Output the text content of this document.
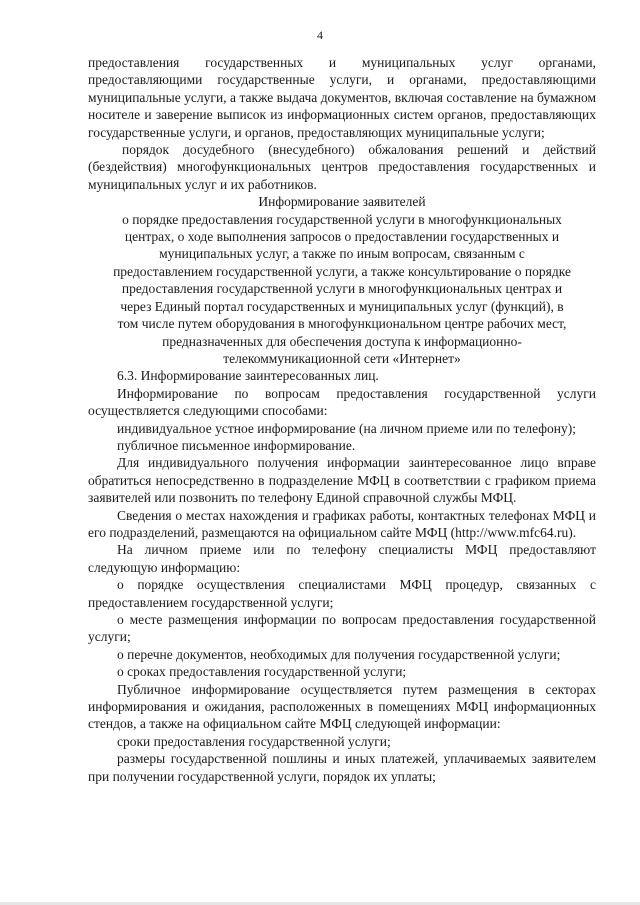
4

предоставления государственных и муниципальных услуг органами, предоставляющими государственные услуги, и органами, предоставляющими муниципальные услуги, а также выдача документов, включая составление на бумажном носителе и заверение выписок из информационных систем органов, предоставляющих государственные услуги, и органов, предоставляющих муниципальные услуги;

порядок досудебного (внесудебного) обжалования решений и действий (бездействия) многофункциональных центров предоставления государственных и муниципальных услуг и их работников.

Информирование заявителей

о порядке предоставления государственной услуги в многофункциональных

центрах, о ходе выполнения запросов о предоставлении государственных и

муниципальных услуг, а также по иным вопросам, связанным с

предоставлением государственной услуги, а также консультирование о порядке

предоставления государственной услуги в многофункциональных центрах и

через Единый портал государственных и муниципальных услуг (функций), в

том числе путем оборудования в многофункциональном центре рабочих мест,

предназначенных для обеспечения доступа к информационно-

телекоммуникационной сети «Интернет»

6.3. Информирование заинтересованных лиц.

Информирование по вопросам предоставления государственной услуги осуществляется следующими способами:

индивидуальное устное информирование (на личном приеме или по телефону);

публичное письменное информирование.

Для индивидуального получения информации заинтересованное лицо вправе обратиться непосредственно в подразделение МФЦ в соответствии с графиком приема заявителей или позвонить по телефону Единой справочной службы МФЦ.

Сведения о местах нахождения и графиках работы, контактных телефонах МФЦ и его подразделений, размещаются на официальном сайте МФЦ (http://www.mfc64.ru).

На личном приеме или по телефону специалисты МФЦ предоставляют следующую информацию:

о порядке осуществления специалистами МФЦ процедур, связанных с предоставлением государственной услуги;

о месте размещения информации по вопросам предоставления государственной услуги;

о перечне документов, необходимых для получения государственной услуги;

о сроках предоставления государственной услуги;

Публичное информирование осуществляется путем размещения в секторах информирования и ожидания, расположенных в помещениях МФЦ информационных стендов, а также на официальном сайте МФЦ следующей информации:

сроки предоставления государственной услуги;

размеры государственной пошлины и иных платежей, уплачиваемых заявителем при получении государственной услуги, порядок их уплаты;
